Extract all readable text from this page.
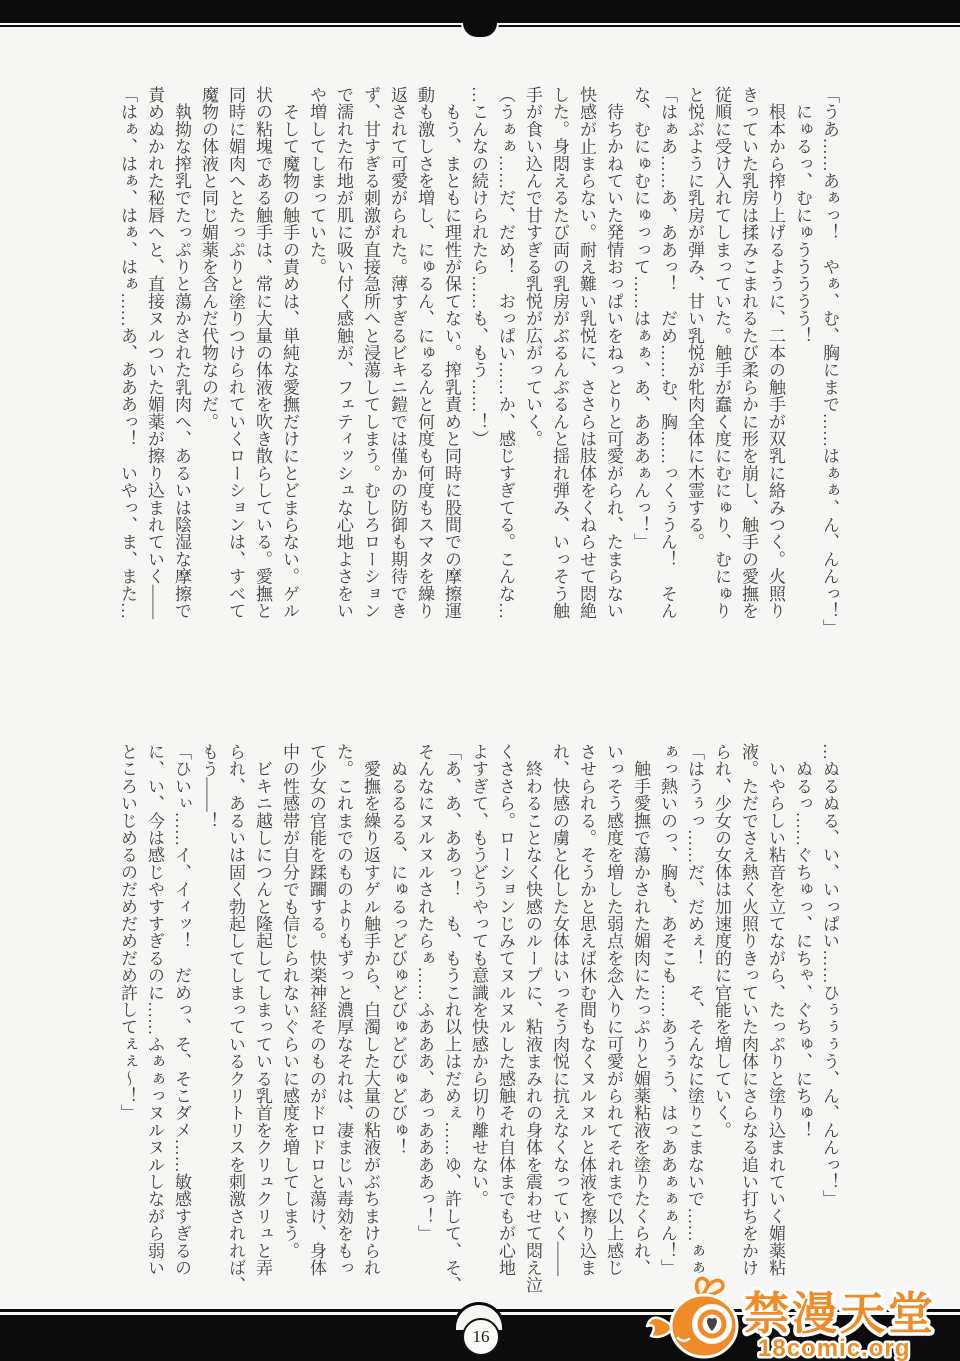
「うあ……あぁっ！　やぁ、む、胸にまで……はぁぁ、ん、んんっ！」
　にゅるっ、むにゅううううう！
　根本から搾り上げるように、二本の触手が双乳に絡みつく。火照り
きっていた乳房は揉みこまれるたび柔らかに形を崩し、触手の愛撫を
従順に受け入れてしまっていた。触手が蠢く度にむにゅり、むにゅり
と悦ぶように乳房が弾み、甘い乳悦が牝肉全体に木霊する。
「はぁあ……あ、ああっ！　だめ……む、胸……っくぅうん！　そん
な、むにゅむにゅっって……はぁぁ、あ、あああぁんっ！」
　待ちかねていた発情おっぱいをねっとりと可愛がられ、たまらない
快感が止まらない。耐え難い乳悦に、ささらは肢体をくねらせて悶絶
した。身悶えるたび両の乳房がぶるんぶるんと揺れ弾み、いっそう触
手が食い込んで甘すぎる乳悦が広がっていく。
（うぁぁ……だ、だめ！　おっぱい……か、感じすぎてる。こんな…
…こんなの続けられたら……も、もう……！）
　もう、まともに理性が保てない。搾乳責めと同時に股間での摩擦運
動も激しさを増し、にゅるん、にゅるんと何度も何度もスマタを繰り
返されて可愛がられた。薄すぎるビキニ鎧では僅かの防御も期待でき
ず、甘すぎる刺激が直接急所へと浸蕩してしまう。むしろローション
で濡れた布地が肌に吸い付く感触が、フェティッシュな心地よさをい
や増してしまっていた。
　そして魔物の触手の責めは、単純な愛撫だけにとどまらない。ゲル
状の粘塊である触手は、常に大量の体液を吹き散らしている。愛撫と
同時に媚肉へとたっぷりと塗りつけられていくローションは、すべて
魔物の体液と同じ媚薬を含んだ代物なのだ。
　執拗な搾乳でたっぷりと蕩かされた乳肉へ、あるいは陰湿な摩擦で
責めぬかれた秘唇へと、直接ヌルついた媚薬が擦り込まれていく——
「はぁ、はぁ、はぁ、はぁ……あ、あああっ！　いやっ、ま、また…
…ぬるぬる、い、いっぱい……ひぅぅぅう、ん、んんっ！」
　ぬるっ……ぐちゅっ、にちゃ、ぐちゅ、にちゅ！
　いやらしい粘音を立てながら、たっぷりと塗り込まれていく媚薬粘
液。ただでさえ熱く火照りきっていた肉体にさらなる追い打ちをかけ
られ、少女の女体は加速度的に官能を増していく。
「はうぅっ……だ、だめぇ！　そ、そんなに塗りこまないで……ぁぁ
ぁっ熱いのっ、胸も、あそこも……あうぅう、はっああぁぁぁん！」
　触手愛撫で蕩かされた媚肉にたっぷりと媚薬粘液を塗りたくられ、
いっそう感度を増した弱点を念入りに可愛がられてそれまで以上感じ
させられる。そうかと思えば休む間もなくヌルヌルと体液を擦り込ま
れ、快感の虜と化した女体はいっそう肉悦に抗えなくなっていく——
　終わることなく快感のループに、粘液まみれの身体を震わせて悶え泣
くささら。ローションじみてヌルヌルした感触それ自体までもが心地
よすぎて、もうどうやっても意識を快感から切り離せない。
「あ、あ、ああっ！　も、もうこれ以上はだめぇ……ゆ、許して、そ、
そんなにヌルヌルされたらぁ……ふあああ、あっああああっ！」
　ぬるるるる、にゅるっどびゅどびゅどびゅどびゅ！
　愛撫を繰り返すゲル触手から、白濁した大量の粘液がぶちまけられ
た。これまでのものよりもずっと濃厚なそれは、凄まじい毒効をもっ
て少女の官能を蹂躙する。快楽神経そのものがドロドロと蕩け、身体
中の性感帯が自分でも信じられないぐらいに感度を増してしまう。
　ビキニ越しにつんと隆起してしまっている乳首をクリュクリュと弄
られ、あるいは固く勃起してしまっているクリトリスを刺激されれば、
もう——！
「ひいぃ……イ、イィッ！　だめっ、そ、そこダメ……敏感すぎるの
に、い、今は感じやすすぎるのに……ふぁぁっヌルヌルしながら弱い
ところいじめるのだめだめだめ許してぇぇ～！」
16	禁漫天堂
18comic.org
